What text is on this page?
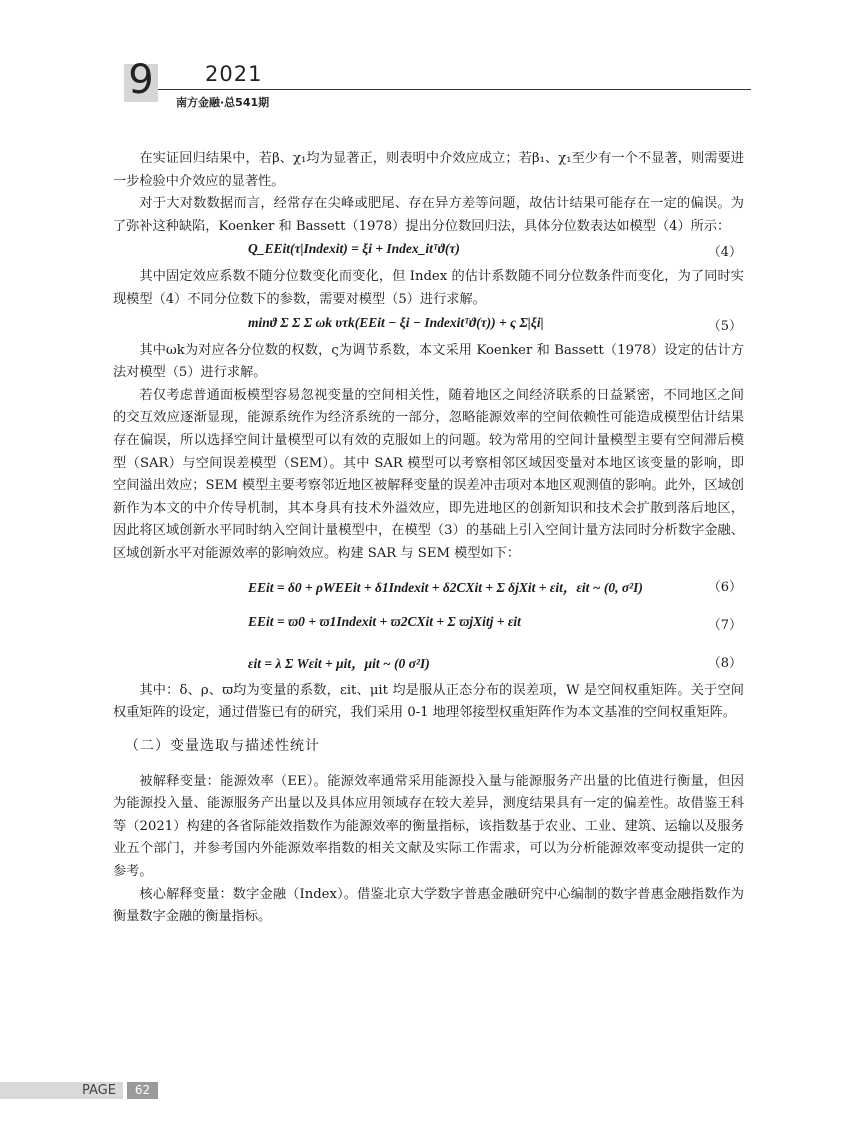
9 2021
南方金融·总541期

在实证回归结果中，若β、χ₁均为显著正，则表明中介效应成立；若β₁、χ₁至少有一个不显著，则需要进一步检验中介效应的显著性。

对于大对数数据而言，经常存在尖峰或肥尾、存在异方差等问题，故估计结果可能存在一定的偏误。为了弥补这种缺陷，Koenker 和 Bassett（1978）提出分位数回归法，具体分位数表达如模型（4）所示：

Q_EEit(τ|Indexit) = ξi + Index_itᵀϑ(τ)	（4）

其中固定效应系数不随分位数变化而变化，但 Index 的估计系数随不同分位数条件而变化，为了同时实现模型（4）不同分位数下的参数，需要对模型（5）进行求解。

minϑ Σ Σ Σ ωk υτk(EEit − ξi − Indexitᵀϑ(τ)) + ς Σ|ξi|	（5）

其中ωk为对应各分位数的权数，ς为调节系数，本文采用 Koenker 和 Bassett（1978）设定的估计方法对模型（5）进行求解。

若仅考虑普通面板模型容易忽视变量的空间相关性，随着地区之间经济联系的日益紧密，不同地区之间的交互效应逐渐显现，能源系统作为经济系统的一部分，忽略能源效率的空间依赖性可能造成模型估计结果存在偏误，所以选择空间计量模型可以有效的克服如上的问题。较为常用的空间计量模型主要有空间滞后模型（SAR）与空间误差模型（SEM）。其中 SAR 模型可以考察相邻区域因变量对本地区该变量的影响，即空间溢出效应；SEM 模型主要考察邻近地区被解释变量的误差冲击项对本地区观测值的影响。此外，区域创新作为本文的中介传导机制，其本身具有技术外溢效应，即先进地区的创新知识和技术会扩散到落后地区，因此将区域创新水平同时纳入空间计量模型中，在模型（3）的基础上引入空间计量方法同时分析数字金融、区域创新水平对能源效率的影响效应。构建 SAR 与 SEM 模型如下：

EEit = δ0 + ρWEEit + δ1Indexit + δ2CXit + Σ δjXit + εit，εit ~ (0, σ²I)	（6）
EEit = ϖ0 + ϖ1Indexit + ϖ2CXit + Σ ϖjXitj + εit	（7）
εit = λ Σ Wεit + μit，μit ~ (0 σ²I)	（8）

其中：δ、ρ、ϖ均为变量的系数，εit、μit 均是服从正态分布的误差项，W 是空间权重矩阵。关于空间权重矩阵的设定，通过借鉴已有的研究，我们采用 0-1 地理邻接型权重矩阵作为本文基准的空间权重矩阵。

（二）变量选取与描述性统计

被解释变量：能源效率（EE）。能源效率通常采用能源投入量与能源服务产出量的比值进行衡量，但因为能源投入量、能源服务产出量以及具体应用领域存在较大差异，测度结果具有一定的偏差性。故借鉴王科等（2021）构建的各省际能效指数作为能源效率的衡量指标，该指数基于农业、工业、建筑、运输以及服务业五个部门，并参考国内外能源效率指数的相关文献及实际工作需求，可以为分析能源效率变动提供一定的参考。

核心解释变量：数字金融（Index）。借鉴北京大学数字普惠金融研究中心编制的数字普惠金融指数作为衡量数字金融的衡量指标。

PAGE	62
